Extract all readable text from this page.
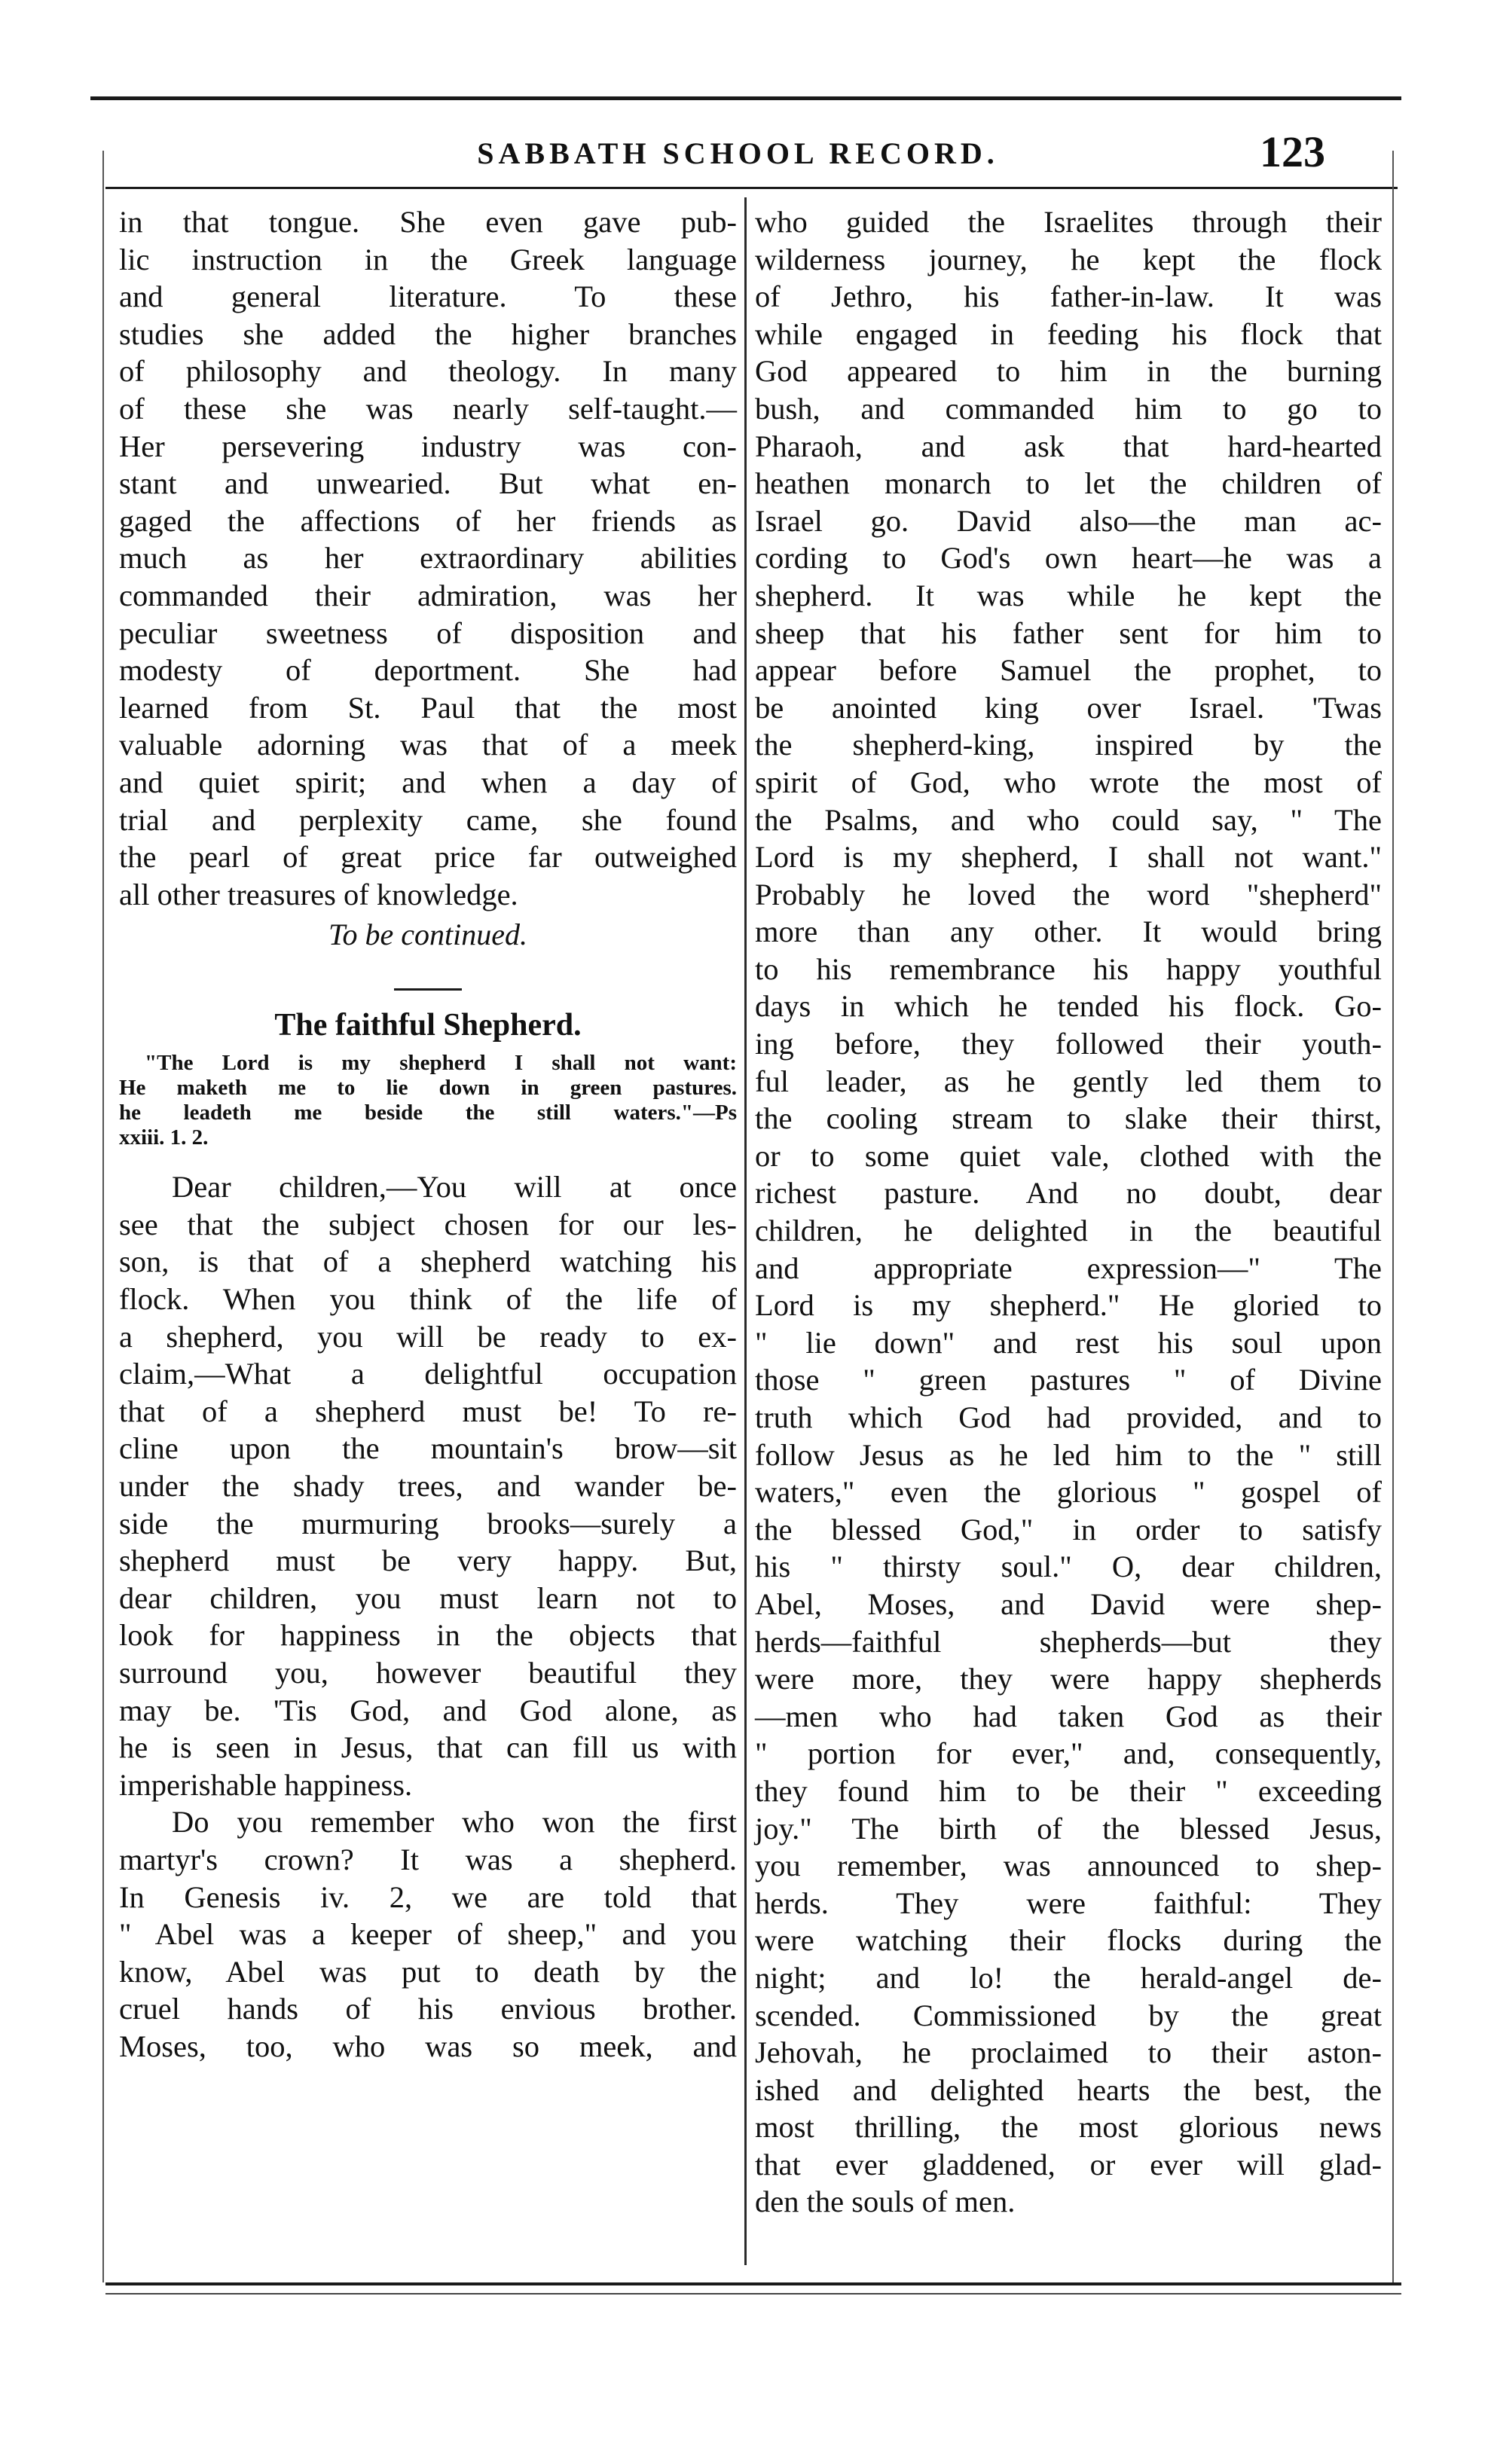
SABBATH SCHOOL RECORD.	123
in that tongue. She even gave pub-
lic instruction in the Greek language
and general literature. To these
studies she added the higher branches
of philosophy and theology. In many
of these she was nearly self-taught.—
Her persevering industry was con-
stant and unwearied. But what en-
gaged the affections of her friends as
much as her extraordinary abilities
commanded their admiration, was her
peculiar sweetness of disposition and
modesty of deportment. She had
learned from St. Paul that the most
valuable adorning was that of a meek
and quiet spirit; and when a day of
trial and perplexity came, she found
the pearl of great price far outweighed
all other treasures of knowledge.
To be continued.
The faithful Shepherd.
"The Lord is my shepherd I shall not want:
He maketh me to lie down in green pastures.
he leadeth me beside the still waters."—Ps
xxiii. 1. 2.
Dear children,—You will at once
see that the subject chosen for our les-
son, is that of a shepherd watching his
flock. When you think of the life of
a shepherd, you will be ready to ex-
claim,—What a delightful occupation
that of a shepherd must be! To re-
cline upon the mountain's brow—sit
under the shady trees, and wander be-
side the murmuring brooks—surely a
shepherd must be very happy. But,
dear children, you must learn not to
look for happiness in the objects that
surround you, however beautiful they
may be. 'Tis God, and God alone, as
he is seen in Jesus, that can fill us with
imperishable happiness.
Do you remember who won the first
martyr's crown? It was a shepherd.
In Genesis iv. 2, we are told that
" Abel was a keeper of sheep," and you
know, Abel was put to death by the
cruel hands of his envious brother.
Moses, too, who was so meek, and
who guided the Israelites through their
wilderness journey, he kept the flock
of Jethro, his father-in-law. It was
while engaged in feeding his flock that
God appeared to him in the burning
bush, and commanded him to go to
Pharaoh, and ask that hard-hearted
heathen monarch to let the children of
Israel go. David also—the man ac-
cording to God's own heart—he was a
shepherd. It was while he kept the
sheep that his father sent for him to
appear before Samuel the prophet, to
be anointed king over Israel. 'Twas
the shepherd-king, inspired by the
spirit of God, who wrote the most of
the Psalms, and who could say, " The
Lord is my shepherd, I shall not want."
Probably he loved the word "shepherd"
more than any other. It would bring
to his remembrance his happy youthful
days in which he tended his flock. Go-
ing before, they followed their youth-
ful leader, as he gently led them to
the cooling stream to slake their thirst,
or to some quiet vale, clothed with the
richest pasture. And no doubt, dear
children, he delighted in the beautiful
and appropriate expression—" The
Lord is my shepherd." He gloried to
" lie down" and rest his soul upon
those " green pastures " of Divine
truth which God had provided, and to
follow Jesus as he led him to the " still
waters," even the glorious " gospel of
the blessed God," in order to satisfy
his " thirsty soul." O, dear children,
Abel, Moses, and David were shep-
herds—faithful shepherds—but they
were more, they were happy shepherds
—men who had taken God as their
" portion for ever," and, consequently,
they found him to be their " exceeding
joy." The birth of the blessed Jesus,
you remember, was announced to shep-
herds. They were faithful: They
were watching their flocks during the
night; and lo! the herald-angel de-
scended. Commissioned by the great
Jehovah, he proclaimed to their aston-
ished and delighted hearts the best, the
most thrilling, the most glorious news
that ever gladdened, or ever will glad-
den the souls of men.
